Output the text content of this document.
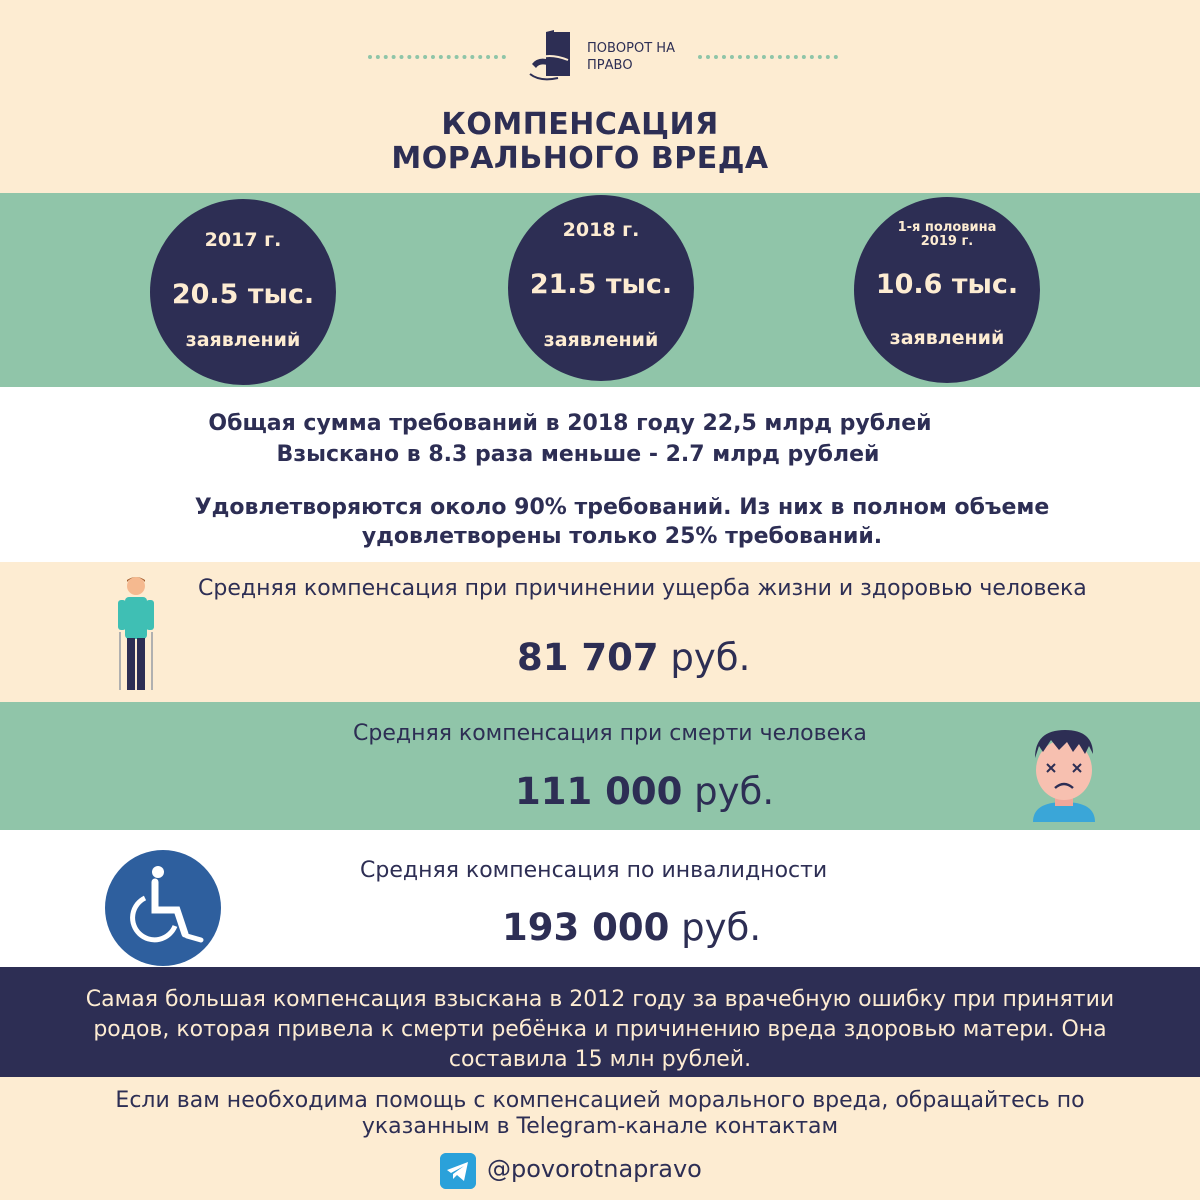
ПОВОРОТ НА
ПРАВО
КОМПЕНСАЦИЯ
МОРАЛЬНОГО ВРЕДА
2017 г.
20.5 тыс.
заявлений
2018 г.
21.5 тыс.
заявлений
1-я половина
2019 г.
10.6 тыс.
заявлений
Общая сумма требований в 2018 году 22,5 млрд рублей
Взыскано в 8.3 раза меньше - 2.7 млрд рублей
Удовлетворяются около 90% требований. Из них в полном объеме
удовлетворены только 25% требований.
Средняя компенсация при причинении ущерба жизни и здоровью человека
81 707 руб.
Средняя компенсация при смерти человека
111 000 руб.
Средняя компенсация по инвалидности
193 000 руб.
Самая большая компенсация взыскана в 2012 году за врачебную ошибку при принятии
родов, которая привела к смерти ребёнка и причинению вреда здоровью матери. Она
составила 15 млн рублей.
Если вам необходима помощь с компенсацией морального вреда, обращайтесь по
указанным в Telegram-канале контактам
@povorotnapravo
